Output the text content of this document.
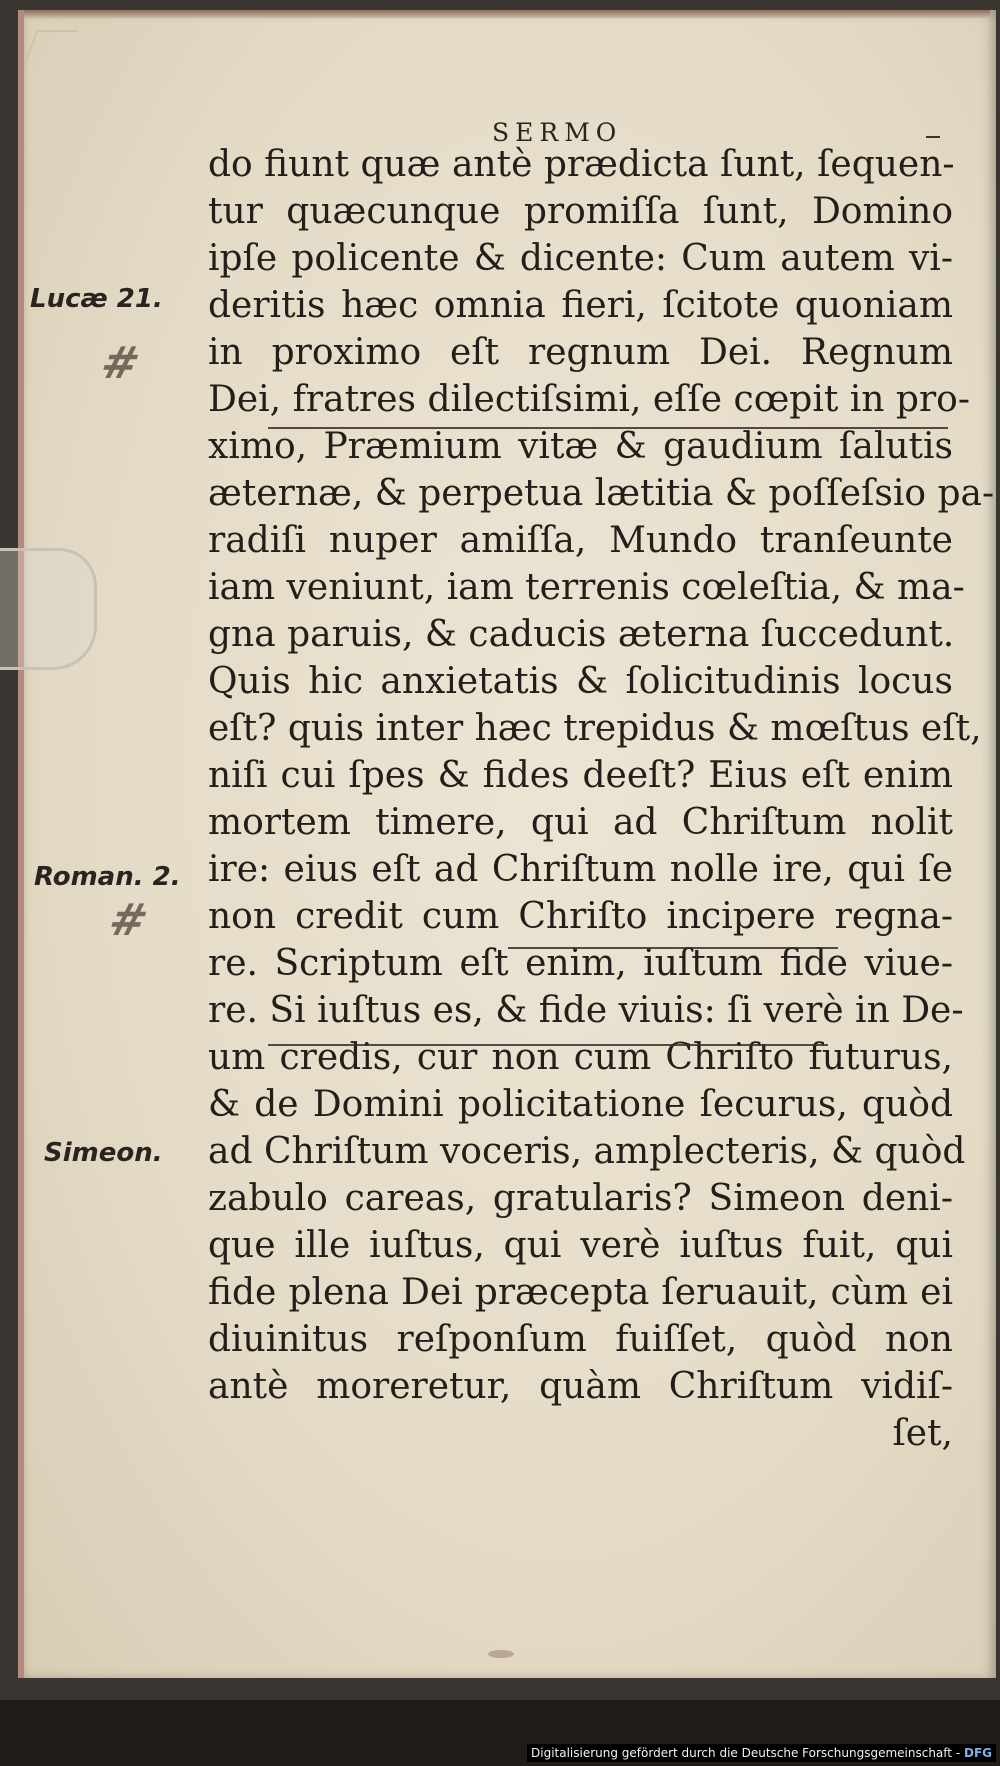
SERMO
do fiunt quæ antè prædicta ſunt, ſequen-
tur quæcunque promiſſa ſunt, Domino
ipſe policente & dicente: Cum autem vi-
deritis hæc omnia fieri, ſcitote quoniam
in proximo eſt regnum Dei. Regnum
Dei, fratres dilectiſsimi, eſſe cœpit in pro-
ximo, Præmium vitæ & gaudium ſalutis
æternæ, & perpetua lætitia & poſſeſsio pa-
radiſi nuper amiſſa, Mundo tranſeunte
iam veniunt, iam terrenis cœleſtia, & ma-
gna paruis, & caducis æterna ſuccedunt.
Quis hic anxietatis & ſolicitudinis locus
eſt? quis inter hæc trepidus & mœſtus eſt,
niſi cui ſpes & fides deeſt? Eius eſt enim
mortem timere, qui ad Chriſtum nolit
ire: eius eſt ad Chriſtum nolle ire, qui ſe
non credit cum Chriſto incipere regna-
re. Scriptum eſt enim, iuſtum fide viue-
re. Si iuſtus es, & fide viuis: ſi verè in De-
um credis, cur non cum Chriſto futurus,
& de Domini policitatione ſecurus, quòd
ad Chriſtum voceris, amplecteris, & quòd
zabulo careas, gratularis? Simeon deni-
que ille iuſtus, qui verè iuſtus fuit, qui
fide plena Dei præcepta ſeruauit, cùm ei
diuinitus reſponſum fuiſſet, quòd non
antè moreretur, quàm Chriſtum vidiſ-
ſet,
Lucæ 21.
#
Roman. 2.
#
Simeon.
Digitalisierung gefördert durch die Deutsche Forschungsgemeinschaft - DFG
